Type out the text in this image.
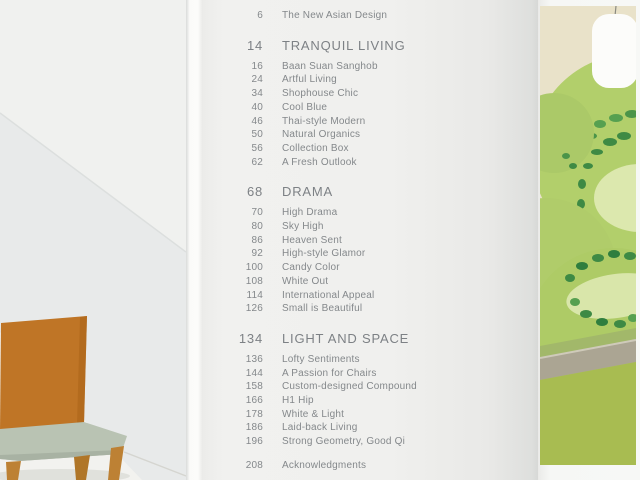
6 The New Asian Design
14 TRANQUIL LIVING
16 Baan Suan Sanghob
24 Artful Living
34 Shophouse Chic
40 Cool Blue
46 Thai-style Modern
50 Natural Organics
56 Collection Box
62 A Fresh Outlook
68 DRAMA
70 High Drama
80 Sky High
86 Heaven Sent
92 High-style Glamor
100 Candy Color
108 White Out
114 International Appeal
126 Small is Beautiful
134 LIGHT AND SPACE
136 Lofty Sentiments
144 A Passion for Chairs
158 Custom-designed Compound
166 H1 Hip
178 White & Light
186 Laid-back Living
196 Strong Geometry, Good Qi
208 Acknowledgments
